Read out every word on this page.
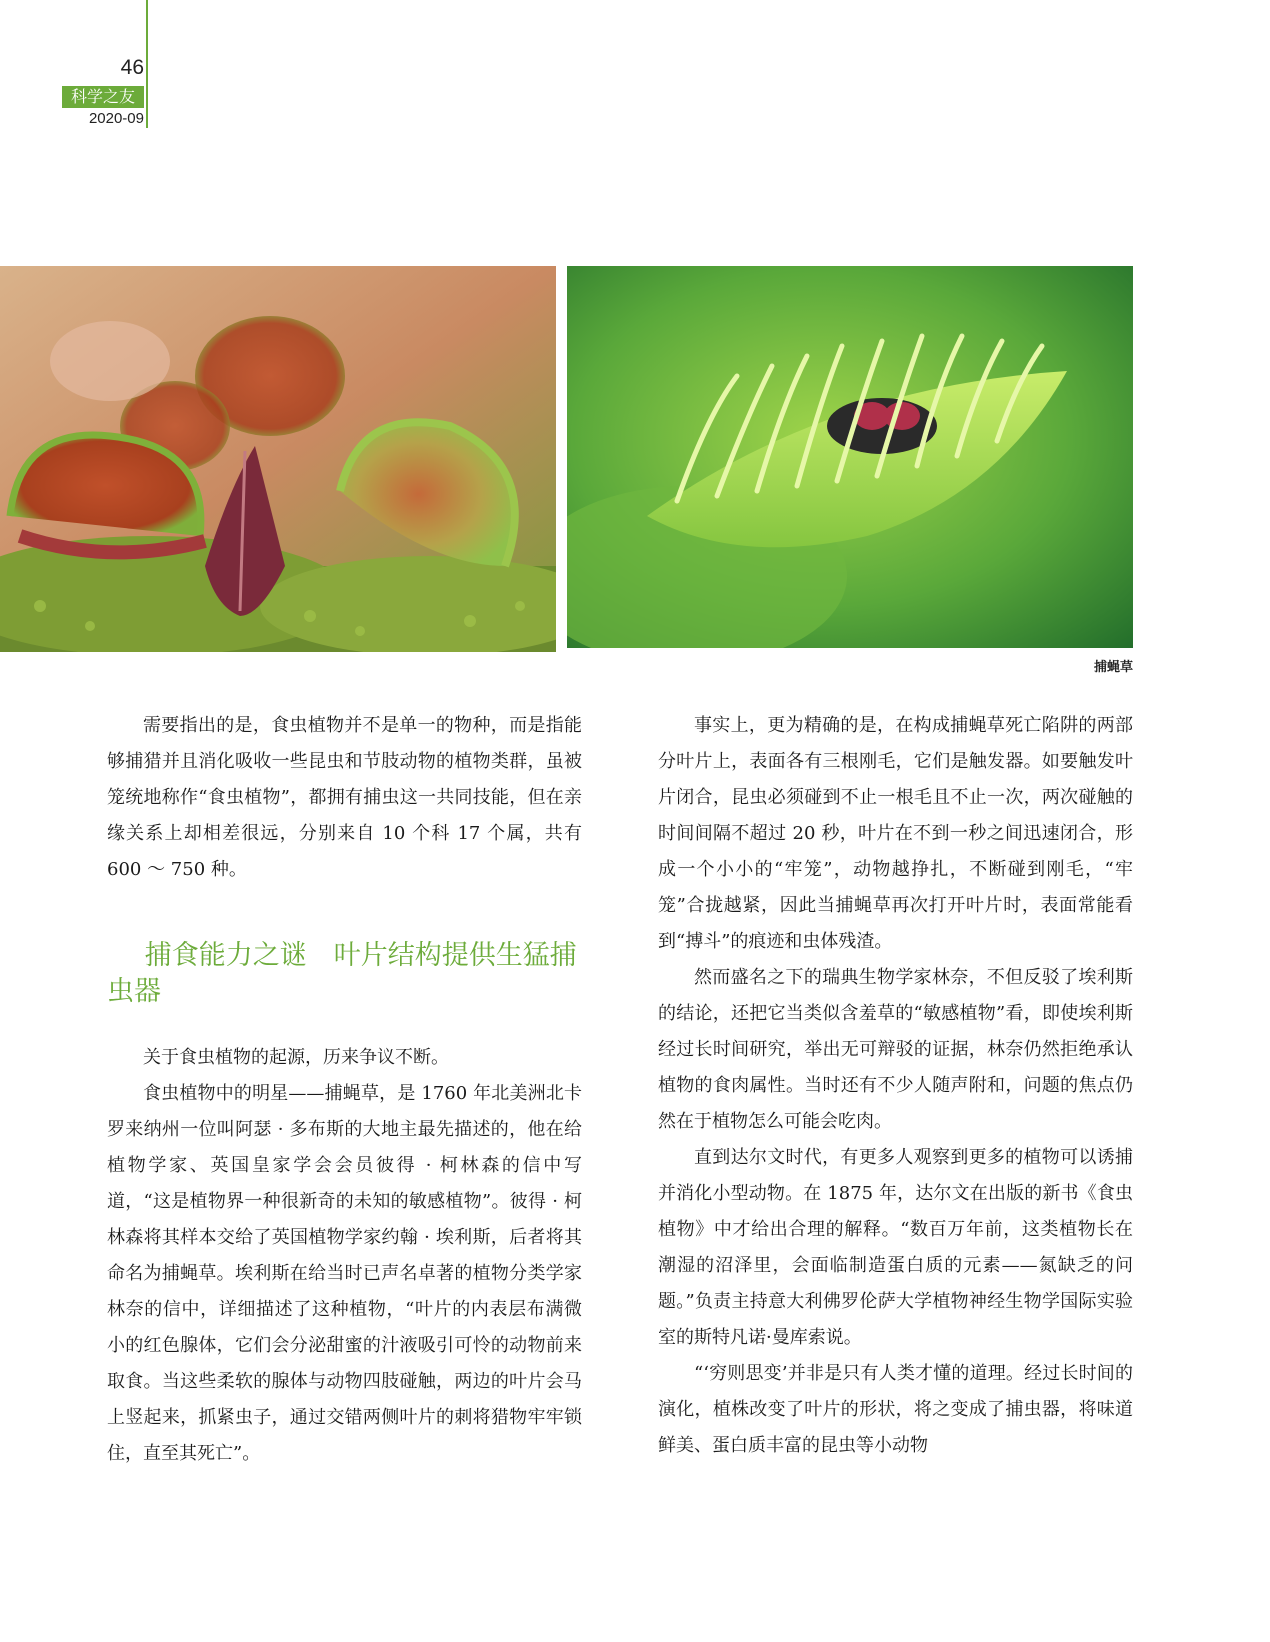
46
科学之友
2020-09
捕蝇草

需要指出的是，食虫植物并不是单一的物种，而是指能够捕猎并且消化吸收一些昆虫和节肢动物的植物类群，虽被笼统地称作“食虫植物”，都拥有捕虫这一共同技能，但在亲缘关系上却相差很远，分别来自 10 个科 17 个属，共有 600 ～ 750 种。

捕食能力之谜　叶片结构提供生猛捕虫器

关于食虫植物的起源，历来争议不断。

食虫植物中的明星——捕蝇草，是 1760 年北美洲北卡罗来纳州一位叫阿瑟 · 多布斯的大地主最先描述的，他在给植物学家、英国皇家学会会员彼得 · 柯林森的信中写道，“这是植物界一种很新奇的未知的敏感植物”。彼得 · 柯林森将其样本交给了英国植物学家约翰 · 埃利斯，后者将其命名为捕蝇草。埃利斯在给当时已声名卓著的植物分类学家林奈的信中，详细描述了这种植物，“叶片的内表层布满微小的红色腺体，它们会分泌甜蜜的汁液吸引可怜的动物前来取食。当这些柔软的腺体与动物四肢碰触，两边的叶片会马上竖起来，抓紧虫子，通过交错两侧叶片的刺将猎物牢牢锁住，直至其死亡”。

事实上，更为精确的是，在构成捕蝇草死亡陷阱的两部分叶片上，表面各有三根刚毛，它们是触发器。如要触发叶片闭合，昆虫必须碰到不止一根毛且不止一次，两次碰触的时间间隔不超过 20 秒，叶片在不到一秒之间迅速闭合，形成一个小小的“牢笼”，动物越挣扎，不断碰到刚毛，“牢笼”合拢越紧，因此当捕蝇草再次打开叶片时，表面常能看到“搏斗”的痕迹和虫体残渣。

然而盛名之下的瑞典生物学家林奈，不但反驳了埃利斯的结论，还把它当类似含羞草的“敏感植物”看，即使埃利斯经过长时间研究，举出无可辩驳的证据，林奈仍然拒绝承认植物的食肉属性。当时还有不少人随声附和，问题的焦点仍然在于植物怎么可能会吃肉。

直到达尔文时代，有更多人观察到更多的植物可以诱捕并消化小型动物。在 1875 年，达尔文在出版的新书《食虫植物》中才给出合理的解释。“数百万年前，这类植物长在潮湿的沼泽里，会面临制造蛋白质的元素——氮缺乏的问题。”负责主持意大利佛罗伦萨大学植物神经生物学国际实验室的斯特凡诺·曼库索说。

“‘穷则思变’并非是只有人类才懂的道理。经过长时间的演化，植株改变了叶片的形状，将之变成了捕虫器，将味道鲜美、蛋白质丰富的昆虫等小动物
